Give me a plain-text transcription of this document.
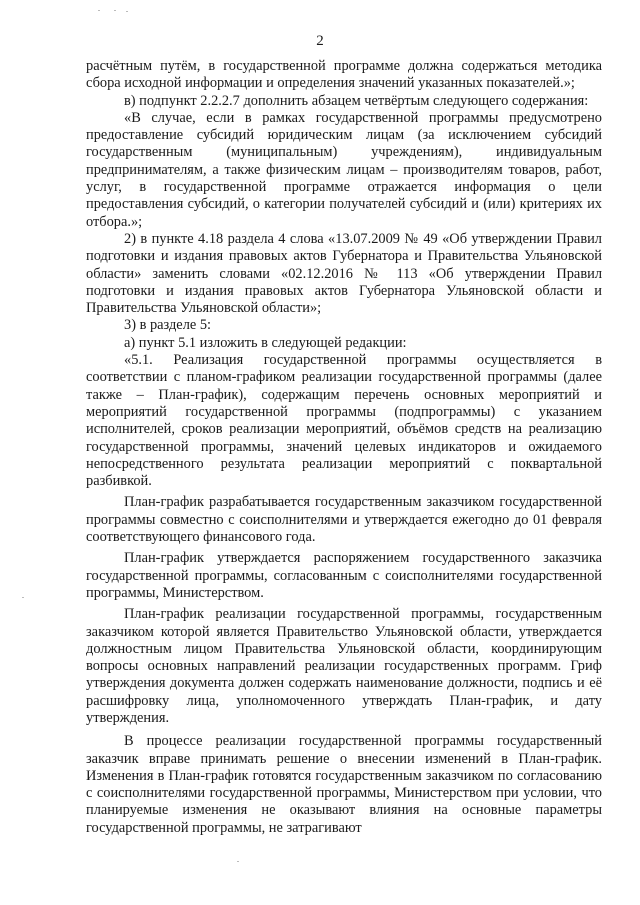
2

расчётным путём, в государственной программе должна содержаться методика сбора исходной информации и определения значений указанных показателей.»;

в) подпункт 2.2.2.7 дополнить абзацем четвёртым следующего содержания:

«В случае, если в рамках государственной программы предусмотрено предоставление субсидий юридическим лицам (за исключением субсидий государственным (муниципальным) учреждениям), индивидуальным предпринимателям, а также физическим лицам – производителям товаров, работ, услуг, в государственной программе отражается информация о цели предоставления субсидий, о категории получателей субсидий и (или) критериях их отбора.»;

2) в пункте 4.18 раздела 4 слова «13.07.2009 № 49 «Об утверждении Правил подготовки и издания правовых актов Губернатора и Правительства Ульяновской области» заменить словами «02.12.2016 № 113 «Об утверждении Правил подготовки и издания правовых актов Губернатора Ульяновской области и Правительства Ульяновской области»;

3) в разделе 5:

а) пункт 5.1 изложить в следующей редакции:

«5.1. Реализация государственной программы осуществляется в соответствии с планом-графиком реализации государственной программы (далее также – План-график), содержащим перечень основных мероприятий и мероприятий государственной программы (подпрограммы) с указанием исполнителей, сроков реализации мероприятий, объёмов средств на реализацию государственной программы, значений целевых индикаторов и ожидаемого непосредственного результата реализации мероприятий с поквартальной разбивкой.

План-график разрабатывается государственным заказчиком государственной программы совместно с соисполнителями и утверждается ежегодно до 01 февраля соответствующего финансового года.

План-график утверждается распоряжением государственного заказчика государственной программы, согласованным с соисполнителями государственной программы, Министерством.

План-график реализации государственной программы, государственным заказчиком которой является Правительство Ульяновской области, утверждается должностным лицом Правительства Ульяновской области, координирующим вопросы основных направлений реализации государственных программ. Гриф утверждения документа должен содержать наименование должности, подпись и её расшифровку лица, уполномоченного утверждать План-график, и дату утверждения.

В процессе реализации государственной программы государственный заказчик вправе принимать решение о внесении изменений в План-график. Изменения в План-график готовятся государственным заказчиком по согласованию с соисполнителями государственной программы, Министерством при условии, что планируемые изменения не оказывают влияния на основные параметры государственной программы, не затрагивают
